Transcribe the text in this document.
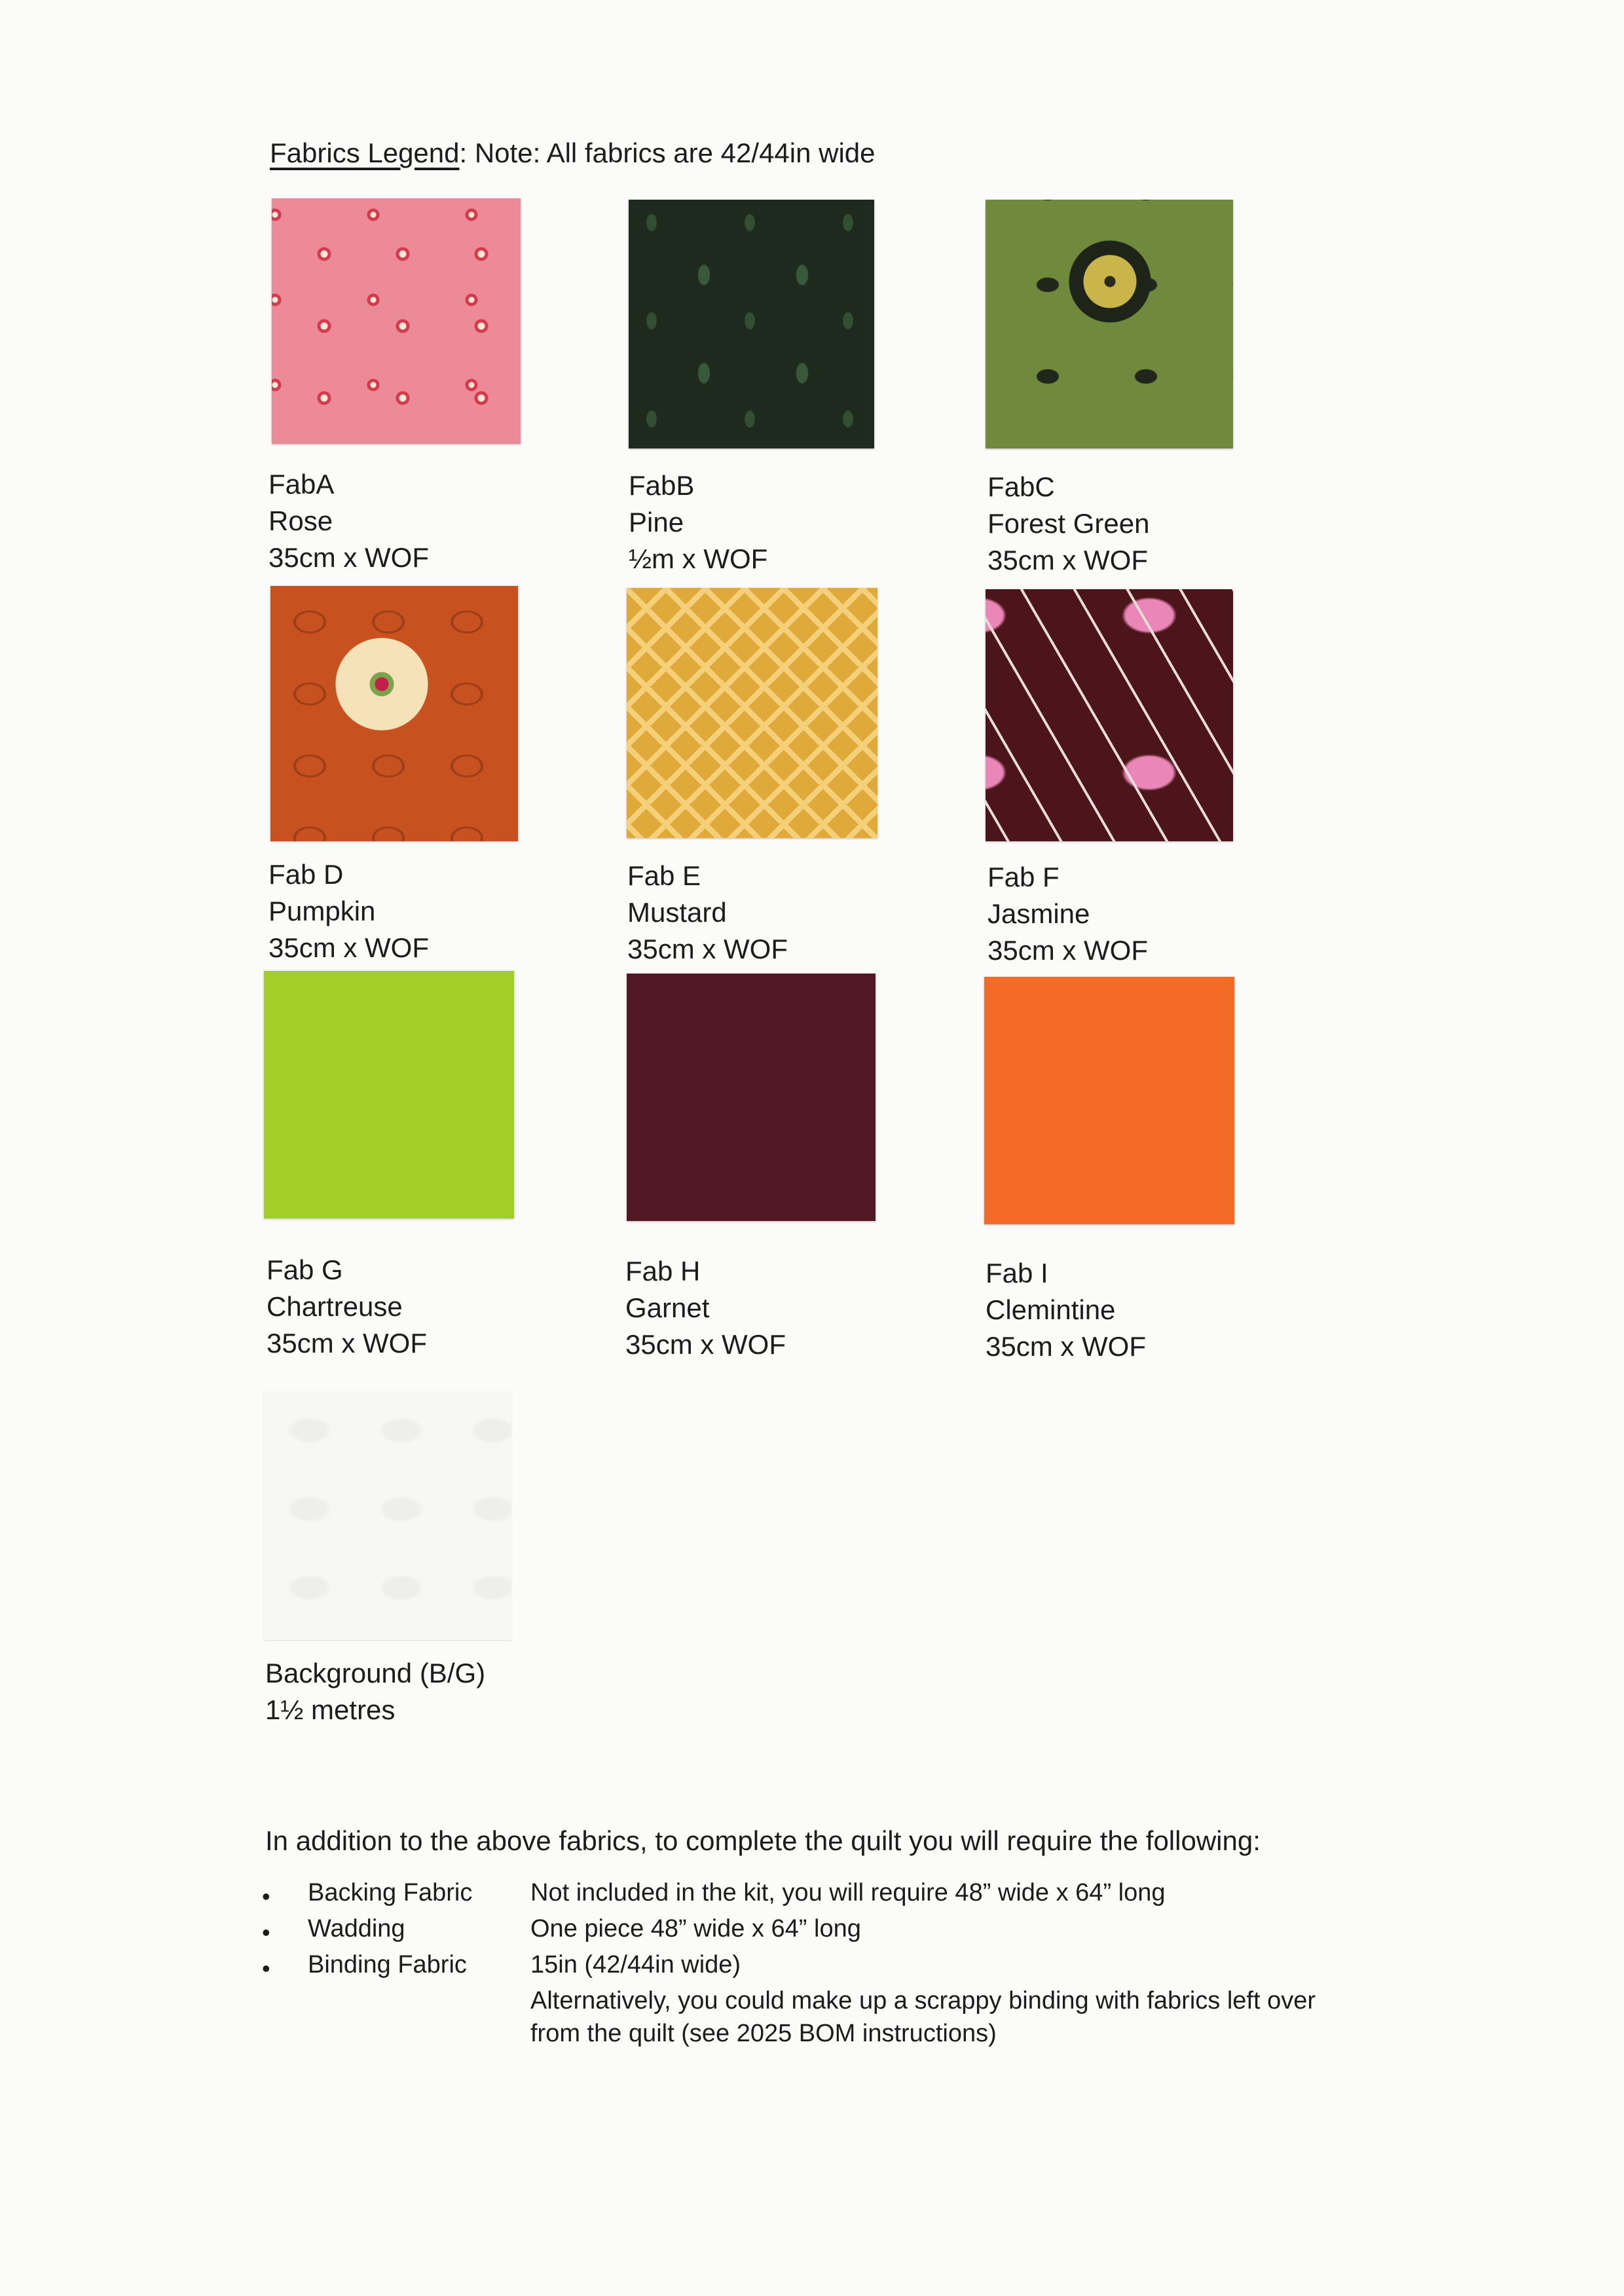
Fabrics Legend: Note: All fabrics are 42/44in wide
FabA
Rose
35cm x WOF
FabB
Pine
½m x WOF
FabC
Forest Green
35cm x WOF
Fab D
Pumpkin
35cm x WOF
Fab E
Mustard
35cm x WOF
Fab F
Jasmine
35cm x WOF
Fab G
Chartreuse
35cm x WOF
Fab H
Garnet
35cm x WOF
Fab I
Clemintine
35cm x WOF
Background (B/G)
1½ metres
In addition to the above fabrics, to complete the quilt you will require the following:
• Backing Fabric Not included in the kit, you will require 48” wide x 64” long
• Wadding	One piece 48” wide x 64” long
• Binding Fabric	15in (42/44in wide)
Alternatively, you could make up a scrappy binding with fabrics left over
from the quilt (see 2025 BOM instructions)
